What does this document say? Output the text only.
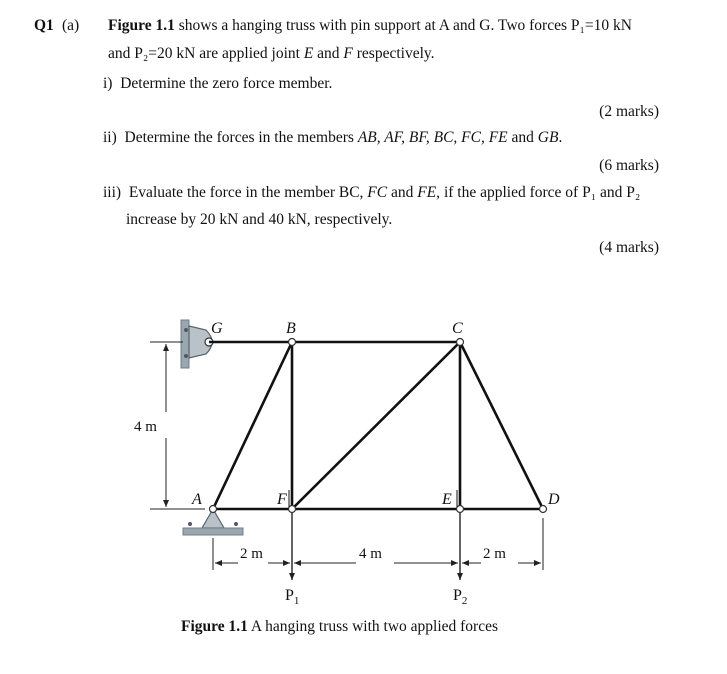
Q1 (a) Figure 1.1 shows a hanging truss with pin support at A and G. Two forces P₁=10 kN
and P₂=20 kN are applied joint E and F respectively.
i) Determine the zero force member.
(2 marks)
ii) Determine the forces in the members AB, AF, BF, BC, FC, FE and GB.
(6 marks)
iii) Evaluate the force in the member BC, FC and FE, if the applied force of P₁ and P₂
increase by 20 kN and 40 kN, respectively.
(4 marks)
G	B	C
A	F	E	D
4 m
2 m	4 m	2 m
$P_1$	$P_2$
Figure 1.1 A hanging truss with two applied forces
